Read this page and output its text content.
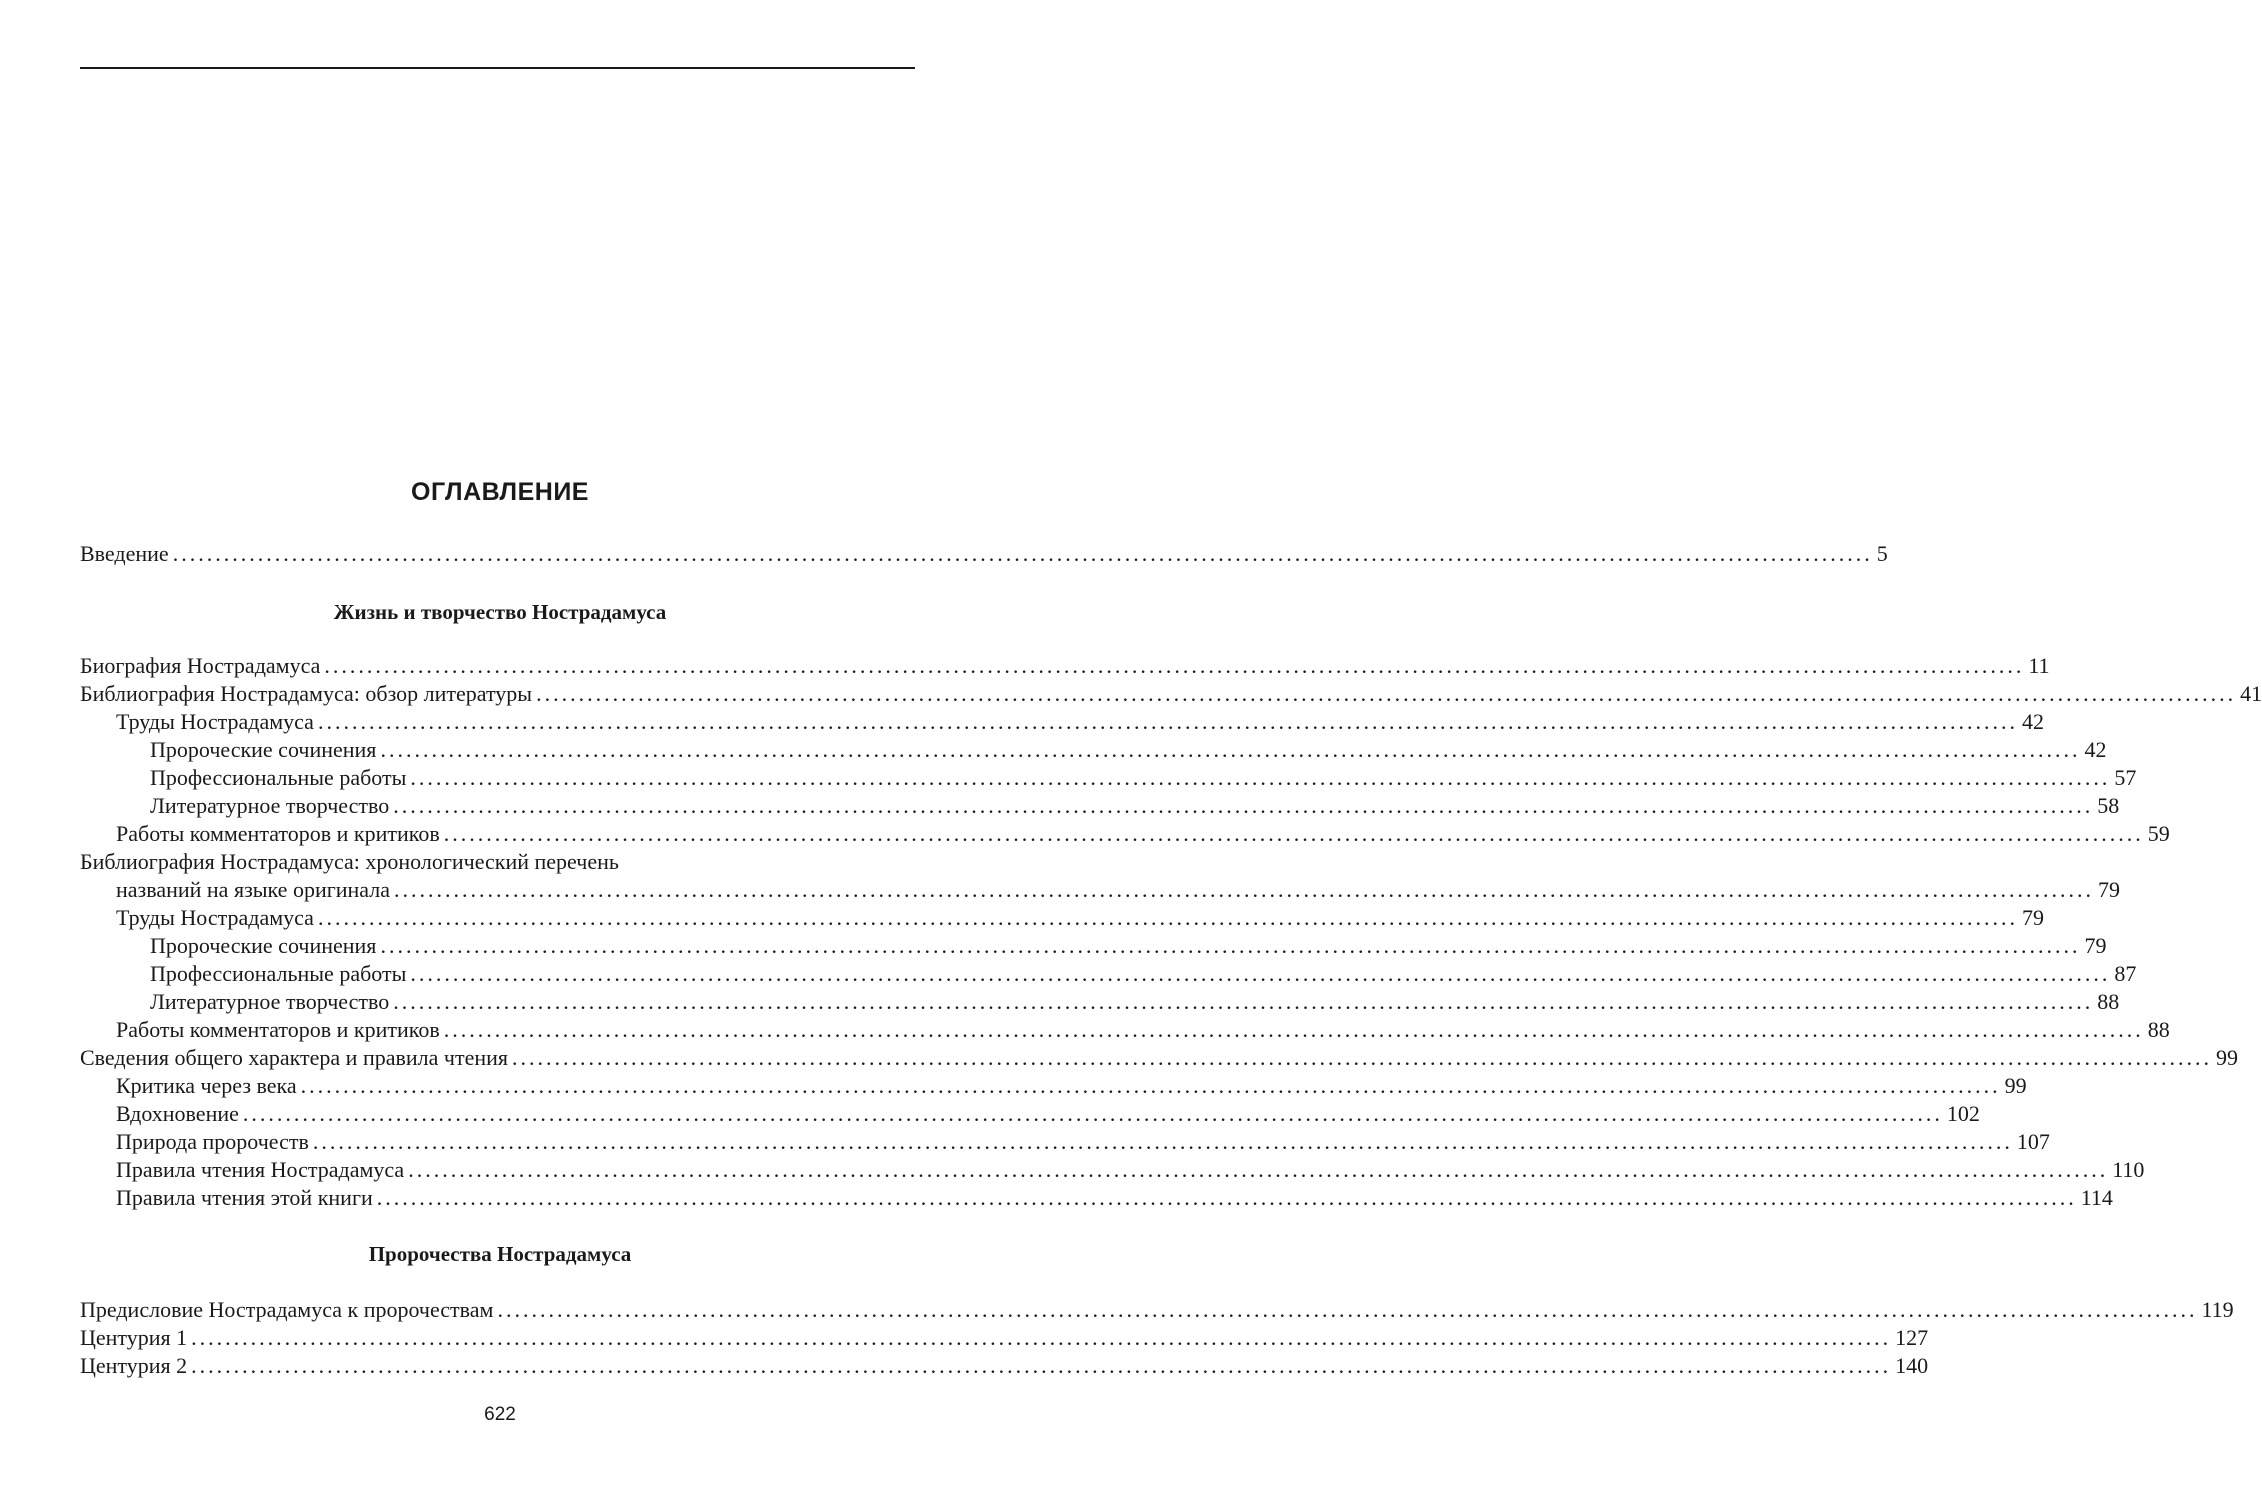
ОГЛАВЛЕНИЕ
Введение ........................................................................................................................................................................................................ 5
Жизнь и творчество Нострадамуса
Биография Нострадамуса ........................................................................................................................................................................................................ 11
Библиография Нострадамуса: обзор литературы ........................................................................................................................................................................................................ 41
Труды Нострадамуса ........................................................................................................................................................................................................ 42
Пророческие сочинения ........................................................................................................................................................................................................ 42
Профессиональные работы ........................................................................................................................................................................................................ 57
Литературное творчество ........................................................................................................................................................................................................ 58
Работы комментаторов и критиков ........................................................................................................................................................................................................ 59
Библиография Нострадамуса: хронологический перечень
названий на языке оригинала ........................................................................................................................................................................................................ 79
Труды Нострадамуса ........................................................................................................................................................................................................ 79
Пророческие сочинения ........................................................................................................................................................................................................ 79
Профессиональные работы ........................................................................................................................................................................................................ 87
Литературное творчество ........................................................................................................................................................................................................ 88
Работы комментаторов и критиков ........................................................................................................................................................................................................ 88
Сведения общего характера и правила чтения ........................................................................................................................................................................................................ 99
Критика через века ........................................................................................................................................................................................................ 99
Вдохновение ........................................................................................................................................................................................................ 102
Природа пророчеств ........................................................................................................................................................................................................ 107
Правила чтения Нострадамуса ........................................................................................................................................................................................................ 110
Правила чтения этой книги ........................................................................................................................................................................................................ 114
Пророчества Нострадамуса
Предисловие Нострадамуса к пророчествам ........................................................................................................................................................................................................ 119
Центурия 1 ........................................................................................................................................................................................................ 127
Центурия 2 ........................................................................................................................................................................................................ 140
622
